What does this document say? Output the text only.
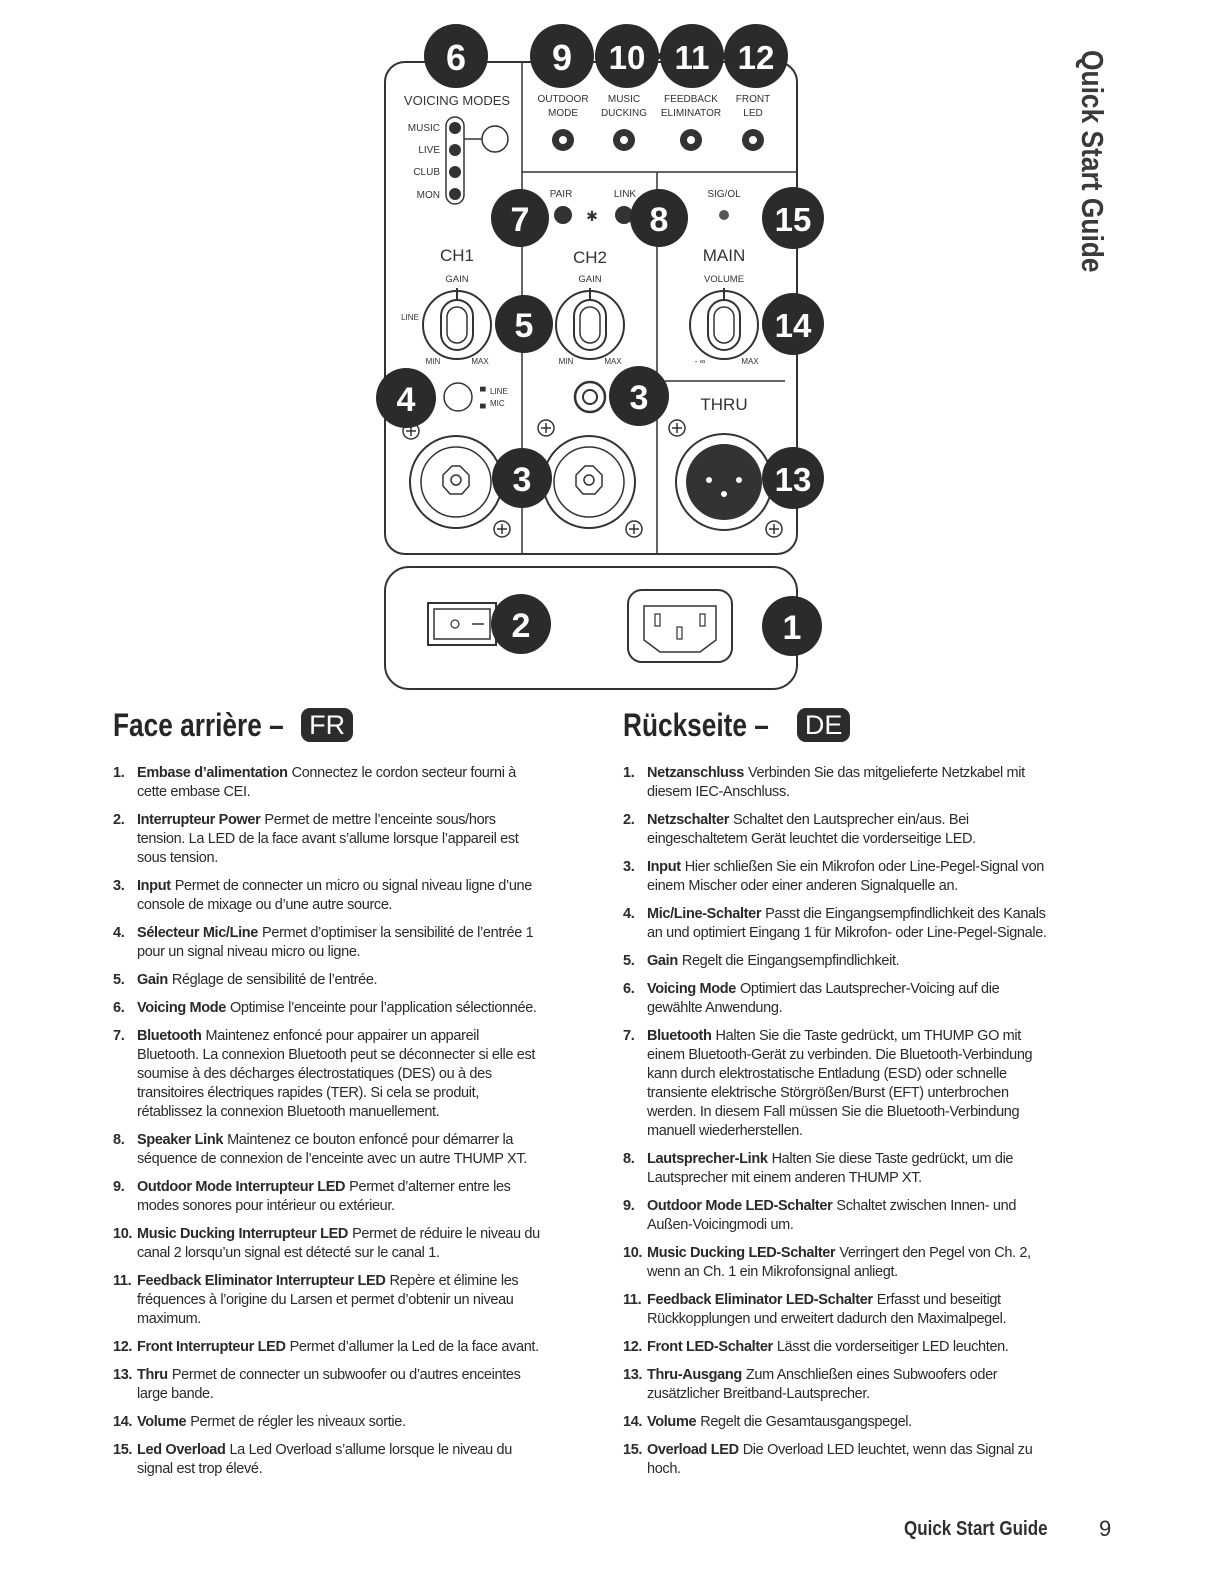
Quick Start Guide
VOICING MODES
MUSIC
LIVE
CLUB
MON
OUTDOOR
MODE
MUSIC
DUCKING
FEEDBACK
ELIMINATOR
FRONT
LED
PAIR	LINK	SIG/OL
✱
CH1	CH2	MAIN
GAIN	GAIN	VOLUME
LINE
MIN	MAX	MIN	MAX	- ∞	MAX
LINE
MIC
▀
▄	THRU
6 9 10 11 12
7	8	15
5	14
4	3
3	13
2	1
Face arrière – FR
1. Embase d’alimentation Connectez le cordon secteur fourni à cette embase CEI.
2. Interrupteur Power Permet de mettre l’enceinte sous/hors tension. La LED de la face avant s’allume lorsque l’appareil est sous tension.
3. Input Permet de connecter un micro ou signal niveau ligne d’une console de mixage ou d’une autre source.
4. Sélecteur Mic/Line Permet d’optimiser la sensibilité de l’entrée 1 pour un signal niveau micro ou ligne.
5. Gain Réglage de sensibilité de l’entrée.
6. Voicing Mode Optimise l’enceinte pour l’application sélectionnée.
7. Bluetooth Maintenez enfoncé pour appairer un appareil Bluetooth. La connexion Bluetooth peut se déconnecter si elle est soumise à des décharges électrostatiques (DES) ou à des transitoires électriques rapides (TER). Si cela se produit, rétablissez la connexion Bluetooth manuellement.
8. Speaker Link Maintenez ce bouton enfoncé pour démarrer la séquence de connexion de l’enceinte avec un autre THUMP XT.
9. Outdoor Mode Interrupteur LED Permet d’alterner entre les modes sonores pour intérieur ou extérieur.
10. Music Ducking Interrupteur LED Permet de réduire le niveau du canal 2 lorsqu’un signal est détecté sur le canal 1.
11. Feedback Eliminator Interrupteur LED Repère et élimine les fréquences à l’origine du Larsen et permet d’obtenir un niveau maximum.
12. Front Interrupteur LED Permet d’allumer la Led de la face avant.
13. Thru Permet de connecter un subwoofer ou d’autres enceintes large bande.
14. Volume Permet de régler les niveaux sortie.
15. Led Overload La Led Overload s’allume lorsque le niveau du signal est trop élevé.
Rückseite – DE
1. Netzanschluss Verbinden Sie das mitgelieferte Netzkabel mit diesem IEC-Anschluss.
2. Netzschalter Schaltet den Lautsprecher ein/aus. Bei eingeschaltetem Gerät leuchtet die vorderseitige LED.
3. Input Hier schließen Sie ein Mikrofon oder Line-Pegel-Signal von einem Mischer oder einer anderen Signalquelle an.
4. Mic/Line-Schalter Passt die Eingangsempfindlichkeit des Kanals an und optimiert Eingang 1 für Mikrofon- oder Line-Pegel-Signale.
5. Gain Regelt die Eingangsempfindlichkeit.
6. Voicing Mode Optimiert das Lautsprecher-Voicing auf die gewählte Anwendung.
7. Bluetooth Halten Sie die Taste gedrückt, um THUMP GO mit einem Bluetooth-Gerät zu verbinden. Die Bluetooth-Verbindung kann durch elektrostatische Entladung (ESD) oder schnelle transiente elektrische Störgrößen/Burst (EFT) unterbrochen werden. In diesem Fall müssen Sie die Bluetooth-Verbindung manuell wiederherstellen.
8. Lautsprecher-Link Halten Sie diese Taste gedrückt, um die Lautsprecher mit einem anderen THUMP XT.
9. Outdoor Mode LED-Schalter Schaltet zwischen Innen- und Außen-Voicingmodi um.
10. Music Ducking LED-Schalter Verringert den Pegel von Ch. 2, wenn an Ch. 1 ein Mikrofonsignal anliegt.
11. Feedback Eliminator LED-Schalter Erfasst und beseitigt Rückkopplungen und erweitert dadurch den Maximalpegel.
12. Front LED-Schalter Lässt die vorderseitiger LED leuchten.
13. Thru-Ausgang Zum Anschließen eines Subwoofers oder zusätzlicher Breitband-Lautsprecher.
14. Volume Regelt die Gesamtausgangspegel.
15. Overload LED Die Overload LED leuchtet, wenn das Signal zu hoch.
Quick Start Guide 9
